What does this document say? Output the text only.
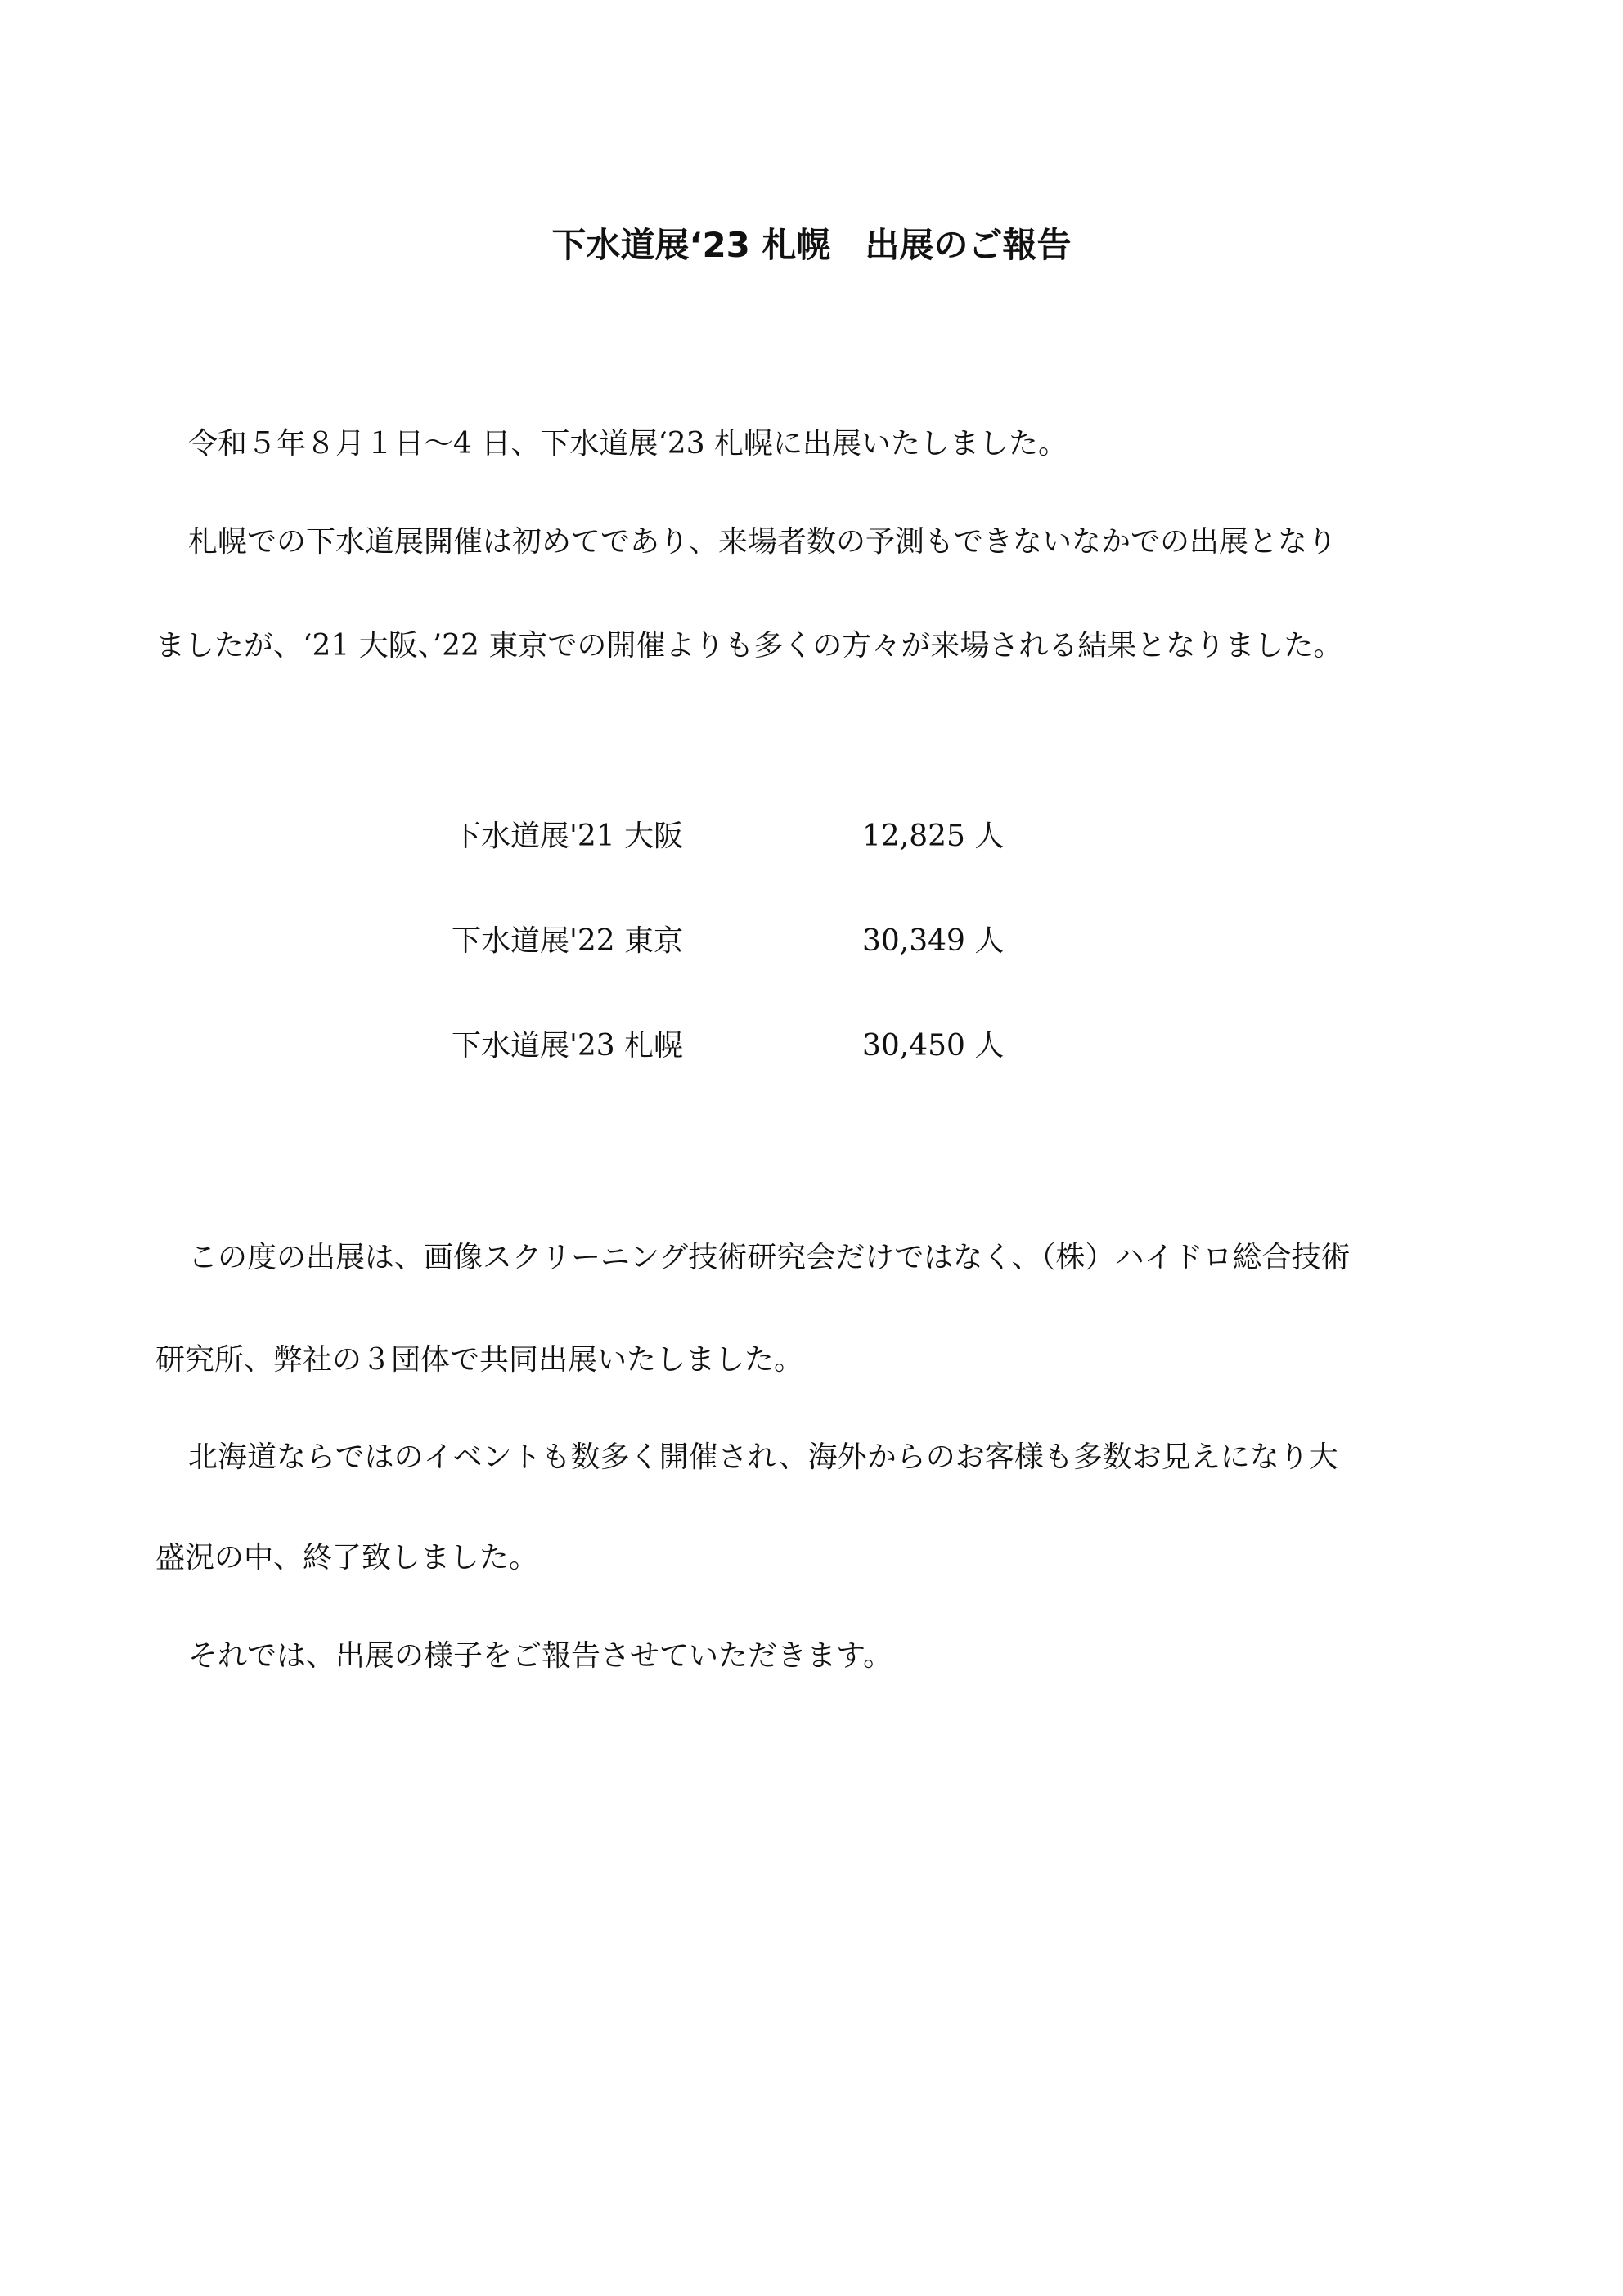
下水道展‘23 札幌　出展のご報告
令和５年８月１日～4 日、下水道展‘23 札幌に出展いたしました。
札幌での下水道展開催は初めてであり、来場者数の予測もできないなかでの出展となり
ましたが、‘21 大阪、’22 東京での開催よりも多くの方々が来場される結果となりました。
下水道展'21 大阪	12,825 人
下水道展'22 東京	30,349 人
下水道展'23 札幌	30,450 人
この度の出展は、画像スクリーニング技術研究会だけではなく、（株）ハイドロ総合技術
研究所、弊社の３団体で共同出展いたしました。
北海道ならではのイベントも数多く開催され、海外からのお客様も多数お見えになり大
盛況の中、終了致しました。
それでは、出展の様子をご報告させていただきます。
